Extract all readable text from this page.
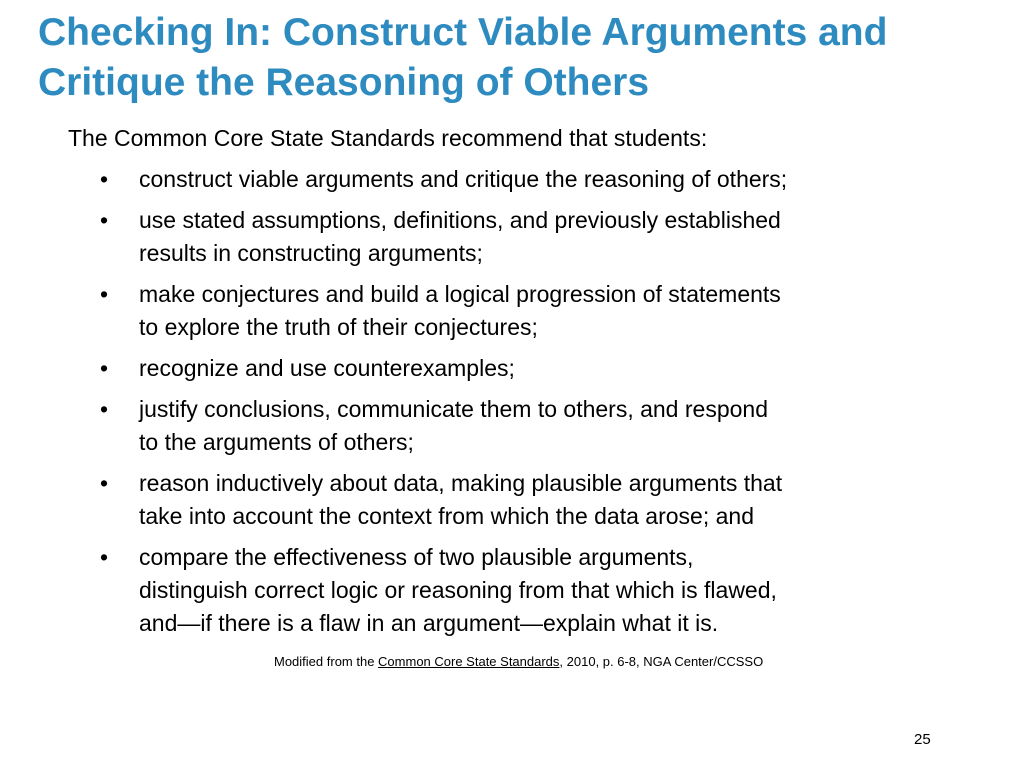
Checking In: Construct Viable Arguments and
Critique the Reasoning of Others
The Common Core State Standards recommend that students:
•	construct viable arguments and critique the reasoning of others;
•	use stated assumptions, definitions, and previously established
results in constructing arguments;
•	make conjectures and build a logical progression of statements
to explore the truth of their conjectures;
•	recognize and use counterexamples;
•	justify conclusions, communicate them to others, and respond
to the arguments of others;
•	reason inductively about data, making plausible arguments that
take into account the context from which the data arose; and
•	compare the effectiveness of two plausible arguments,
distinguish correct logic or reasoning from that which is flawed,
and—if there is a flaw in an argument—explain what it is.
Modified from the Common Core State Standards, 2010, p. 6-8, NGA Center/CCSSO
25
